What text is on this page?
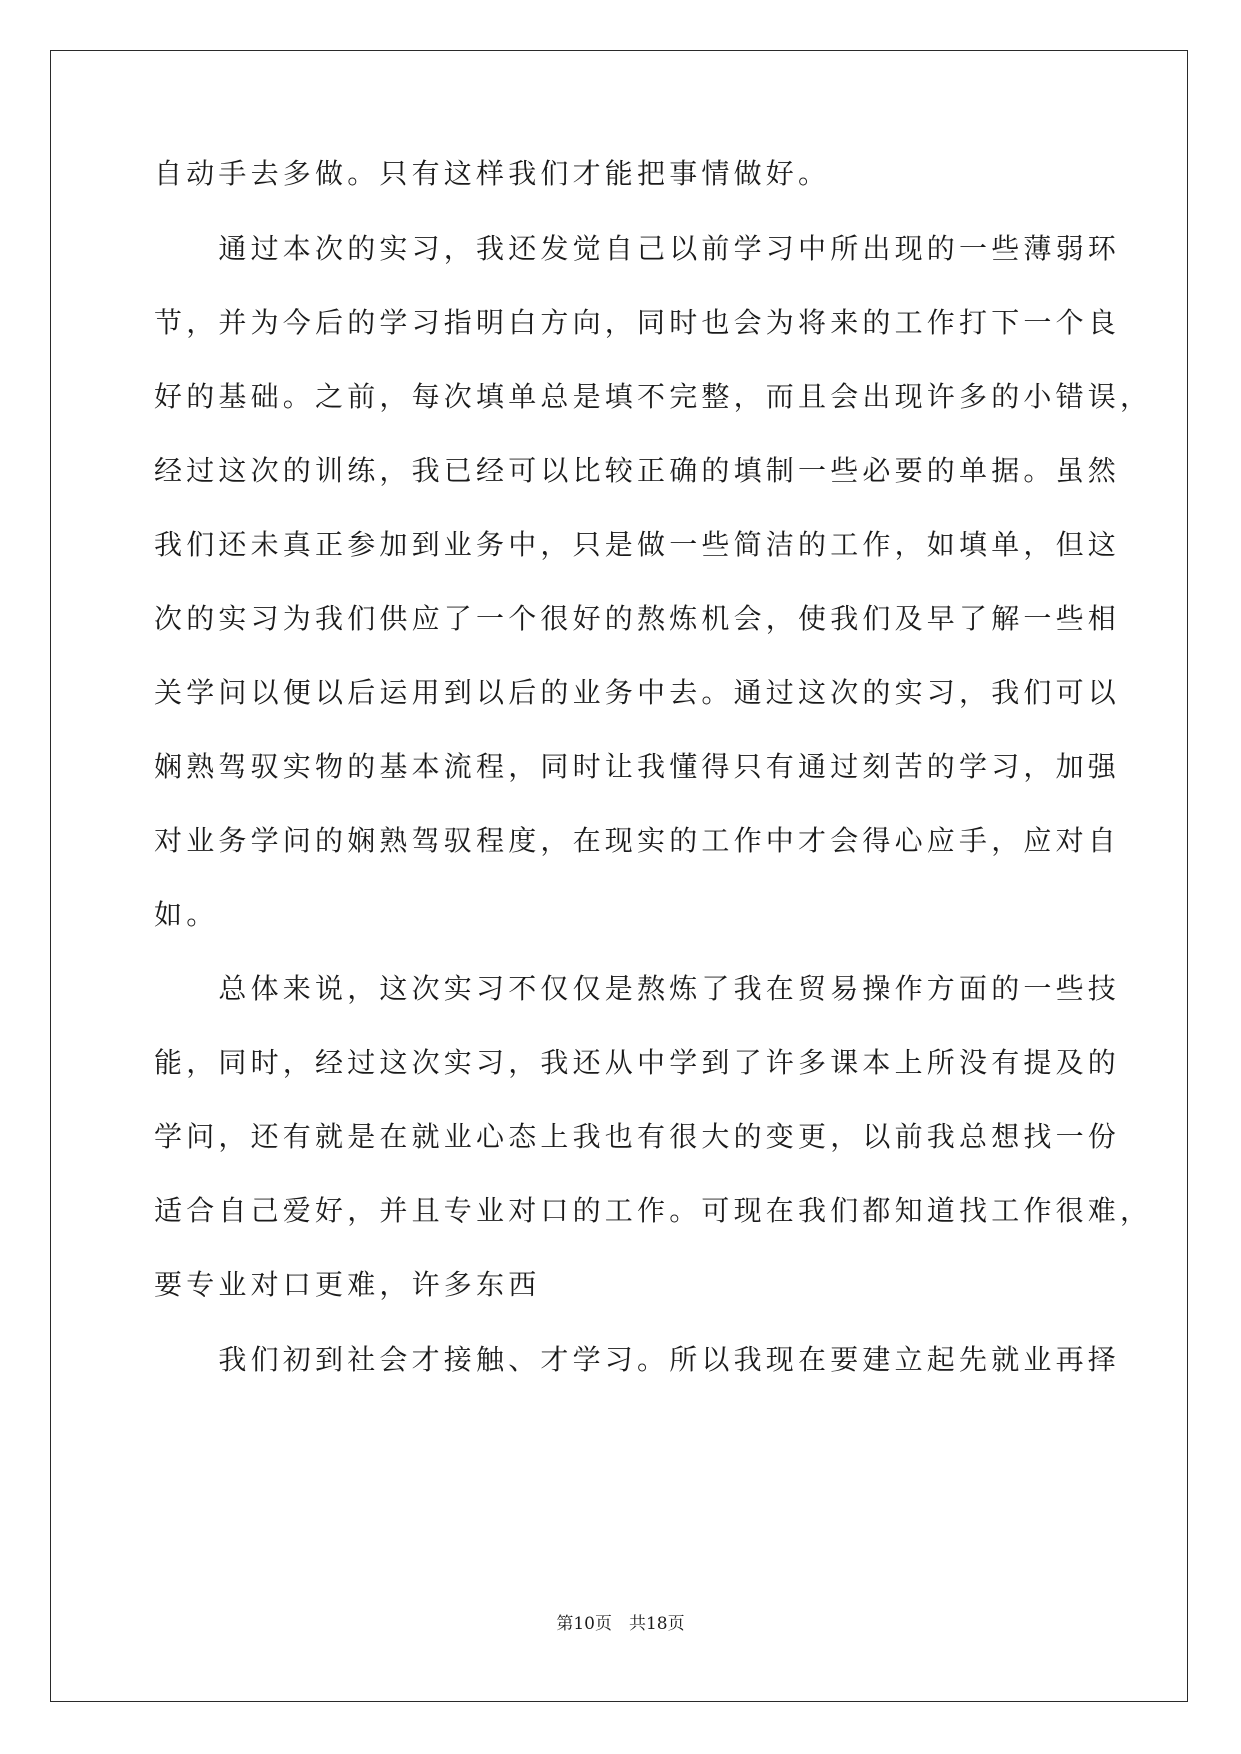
自动手去多做。只有这样我们才能把事情做好。
　　通过本次的实习，我还发觉自己以前学习中所出现的一些薄弱环
节，并为今后的学习指明白方向，同时也会为将来的工作打下一个良
好的基础。之前，每次填单总是填不完整，而且会出现许多的小错误，
经过这次的训练，我已经可以比较正确的填制一些必要的单据。虽然
我们还未真正参加到业务中，只是做一些简洁的工作，如填单，但这
次的实习为我们供应了一个很好的熬炼机会，使我们及早了解一些相
关学问以便以后运用到以后的业务中去。通过这次的实习，我们可以
娴熟驾驭实物的基本流程，同时让我懂得只有通过刻苦的学习，加强
对业务学问的娴熟驾驭程度，在现实的工作中才会得心应手，应对自
如。
　　总体来说，这次实习不仅仅是熬炼了我在贸易操作方面的一些技
能，同时，经过这次实习，我还从中学到了许多课本上所没有提及的
学问，还有就是在就业心态上我也有很大的变更，以前我总想找一份
适合自己爱好，并且专业对口的工作。可现在我们都知道找工作很难，
要专业对口更难，许多东西
　　我们初到社会才接触、才学习。所以我现在要建立起先就业再择
第10页　共18页
